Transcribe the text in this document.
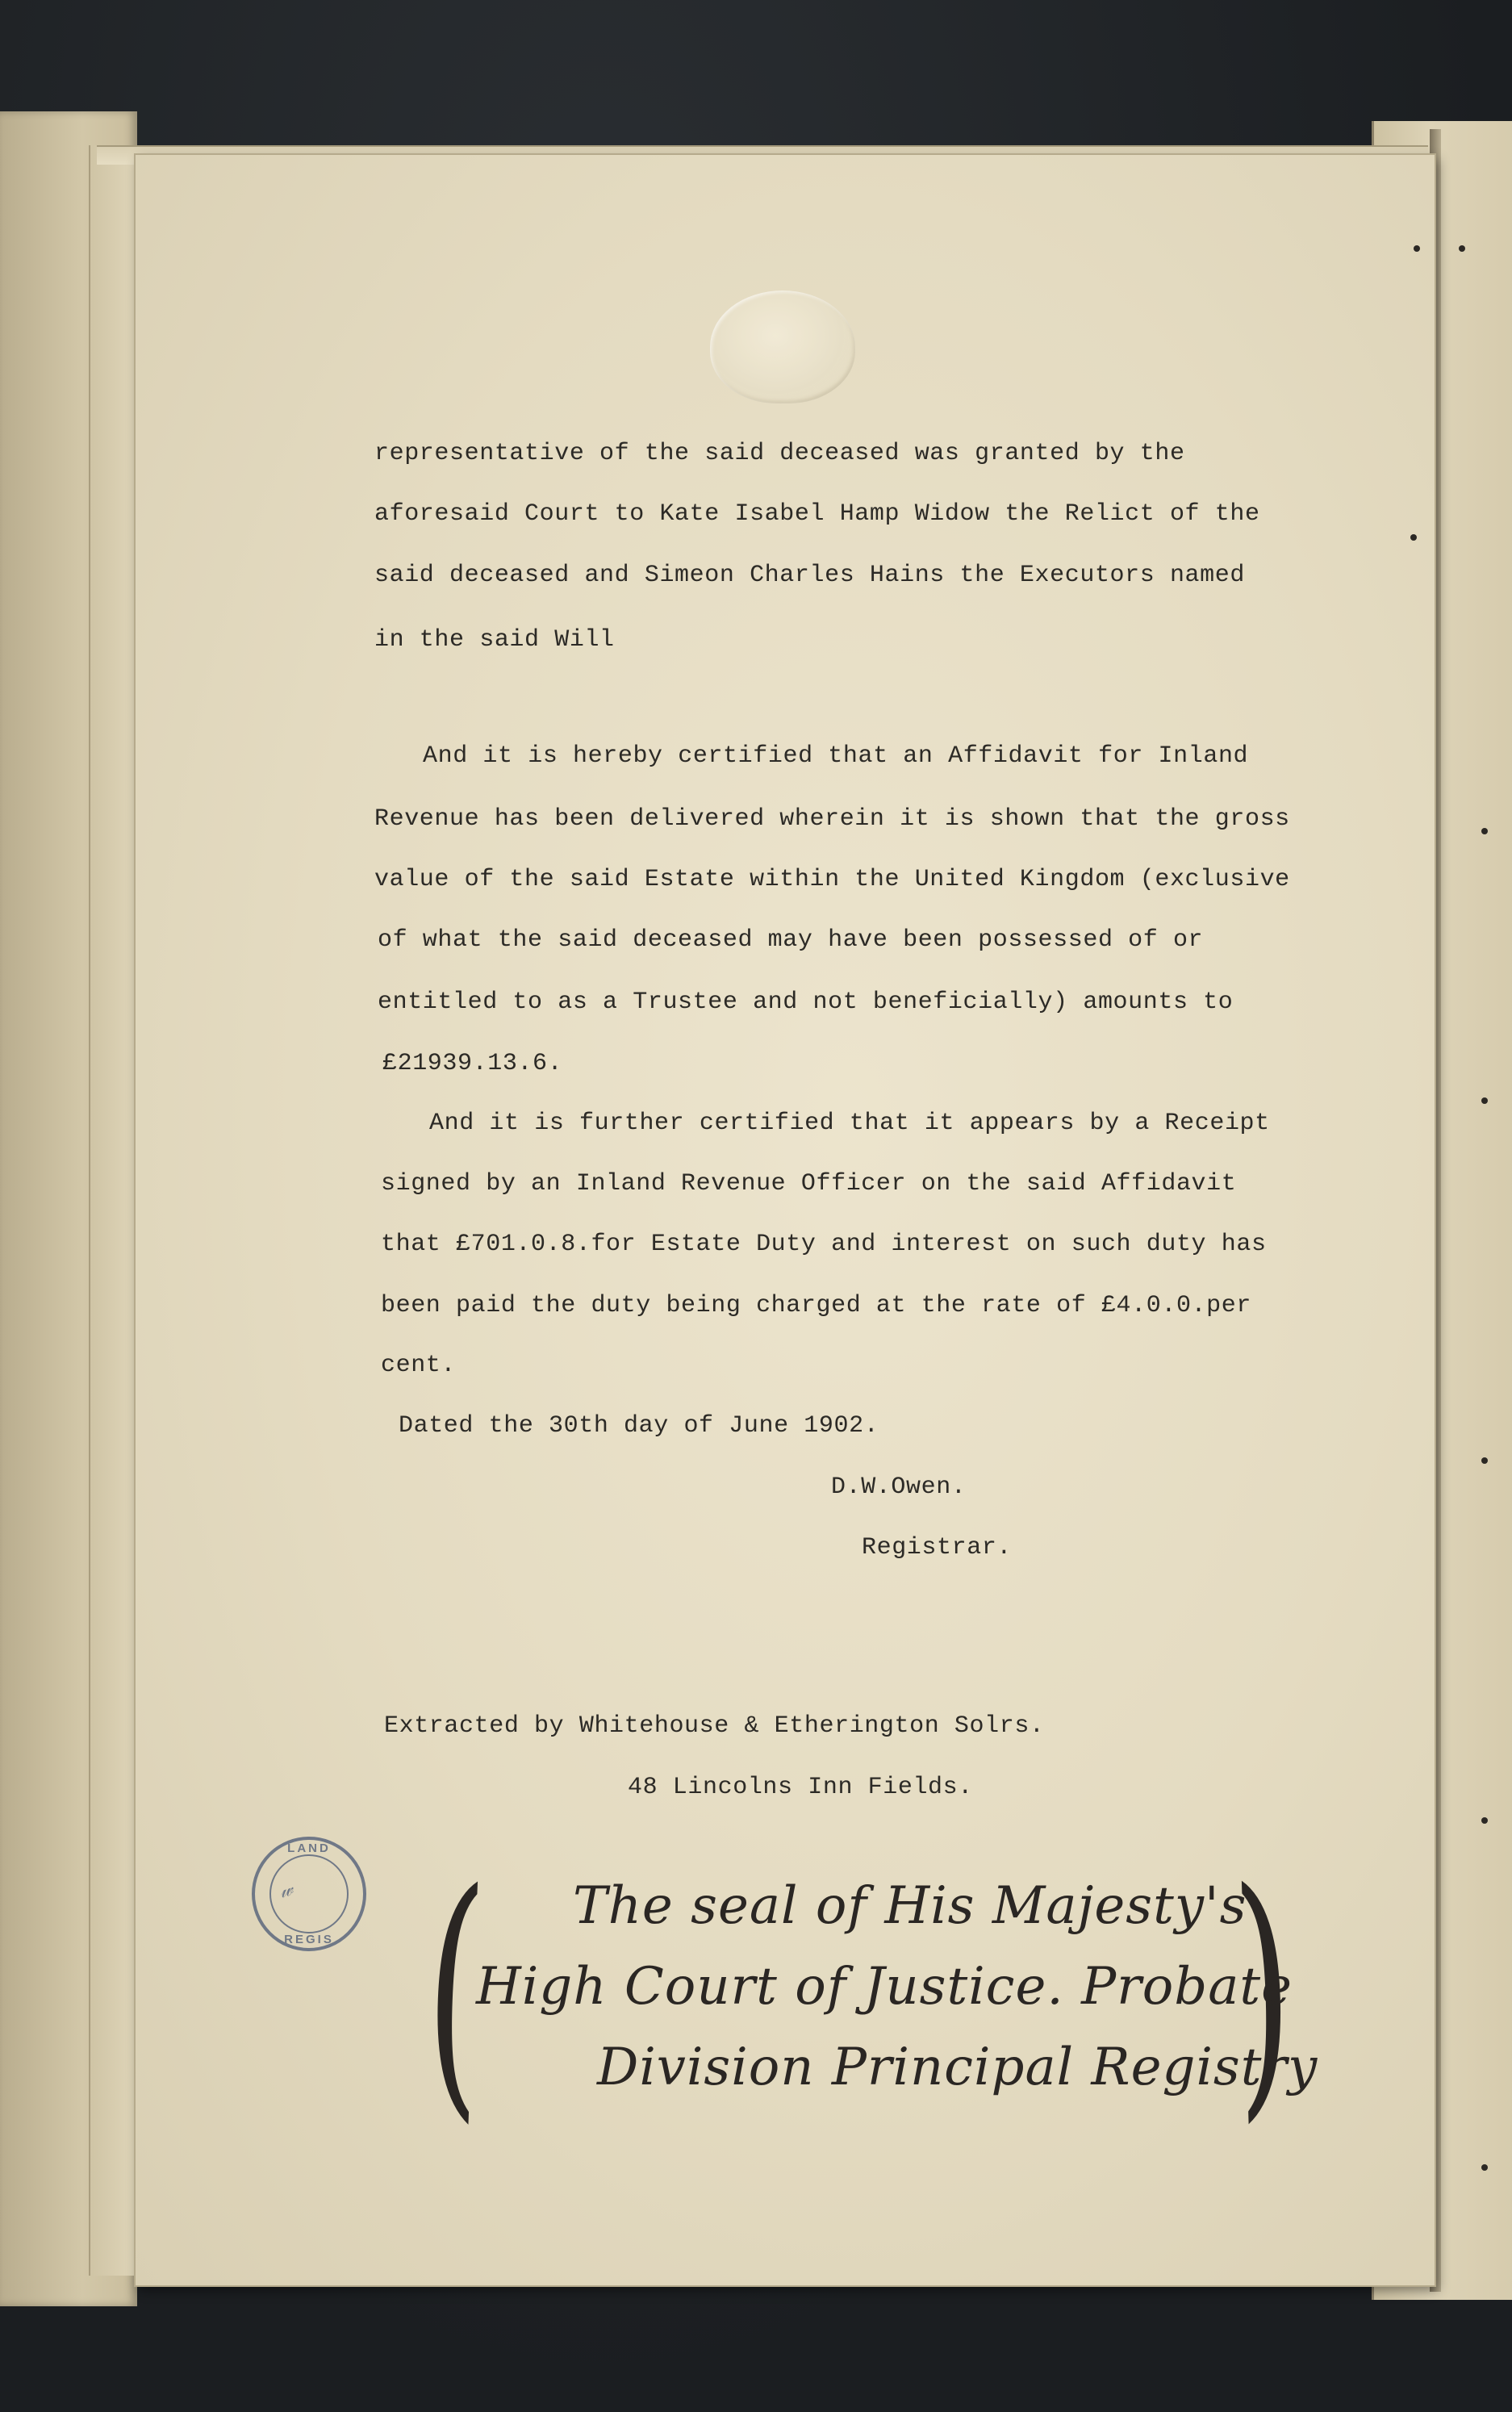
representative of the said deceased was granted by the

aforesaid Court to Kate Isabel Hamp Widow the Relict of the

said deceased and Simeon Charles Hains the Executors named

in the said Will

And it is hereby certified that an Affidavit for Inland

Revenue has been delivered wherein it is shown that the gross

value of the said Estate within the United Kingdom (exclusive

of what the said deceased may have been possessed of or

entitled to as a Trustee and not beneficially) amounts to

£21939.13.6.

And it is further certified that it appears by a Receipt

signed by an Inland Revenue Officer on the said Affidavit

that £701.0.8.for Estate Duty and interest on such duty has

been paid the duty being charged at the rate of £4.0.0.per

cent.

Dated the 30th day of June 1902.

D.W.Owen.

Registrar.

Extracted by Whitehouse & Etherington Solrs.

48 Lincolns Inn Fields.

LAND
𝓌
REGIS (	)

The seal of His Majesty's

High Court of Justice. Probate

Division Principal Registry
